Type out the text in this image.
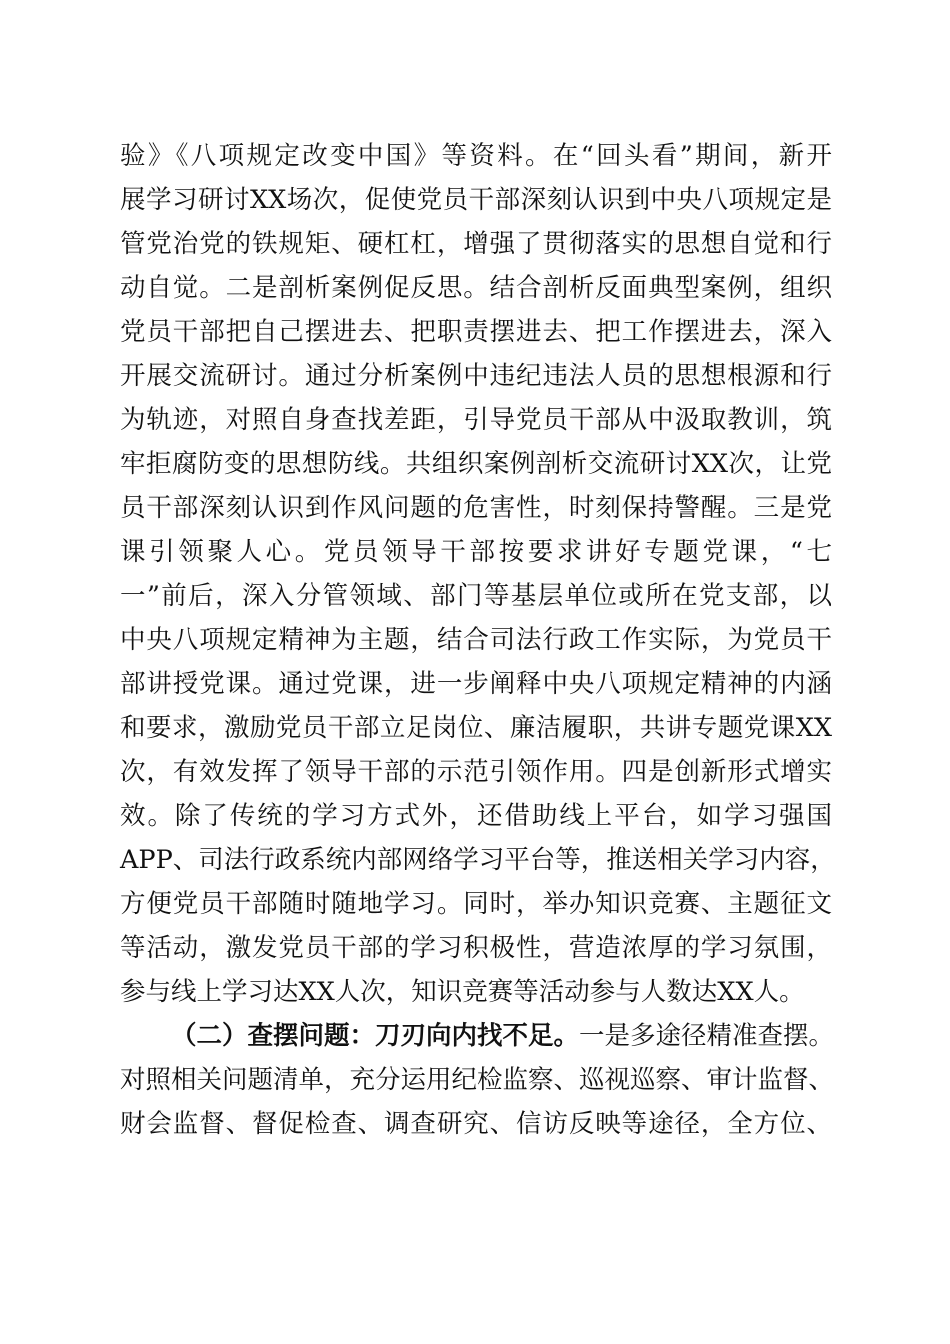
验》《八项规定改变中国》等资料。在“回头看”期间，新开
展学习研讨XX场次，促使党员干部深刻认识到中央八项规定是
管党治党的铁规矩、硬杠杠，增强了贯彻落实的思想自觉和行
动自觉。二是剖析案例促反思。结合剖析反面典型案例，组织
党员干部把自己摆进去、把职责摆进去、把工作摆进去，深入
开展交流研讨。通过分析案例中违纪违法人员的思想根源和行
为轨迹，对照自身查找差距，引导党员干部从中汲取教训，筑
牢拒腐防变的思想防线。共组织案例剖析交流研讨XX次，让党
员干部深刻认识到作风问题的危害性，时刻保持警醒。三是党
课引领聚人心。党员领导干部按要求讲好专题党课，“七
一”前后，深入分管领域、部门等基层单位或所在党支部，以
中央八项规定精神为主题，结合司法行政工作实际，为党员干
部讲授党课。通过党课，进一步阐释中央八项规定精神的内涵
和要求，激励党员干部立足岗位、廉洁履职，共讲专题党课XX
次，有效发挥了领导干部的示范引领作用。四是创新形式增实
效。除了传统的学习方式外，还借助线上平台，如学习强国
APP、司法行政系统内部网络学习平台等，推送相关学习内容，
方便党员干部随时随地学习。同时，举办知识竞赛、主题征文
等活动，激发党员干部的学习积极性，营造浓厚的学习氛围，
参与线上学习达XX人次，知识竞赛等活动参与人数达XX人。
（二）查摆问题：刀刃向内找不足。一是多途径精准查摆。
对照相关问题清单，充分运用纪检监察、巡视巡察、审计监督、
财会监督、督促检查、调查研究、信访反映等途径，全方位、
